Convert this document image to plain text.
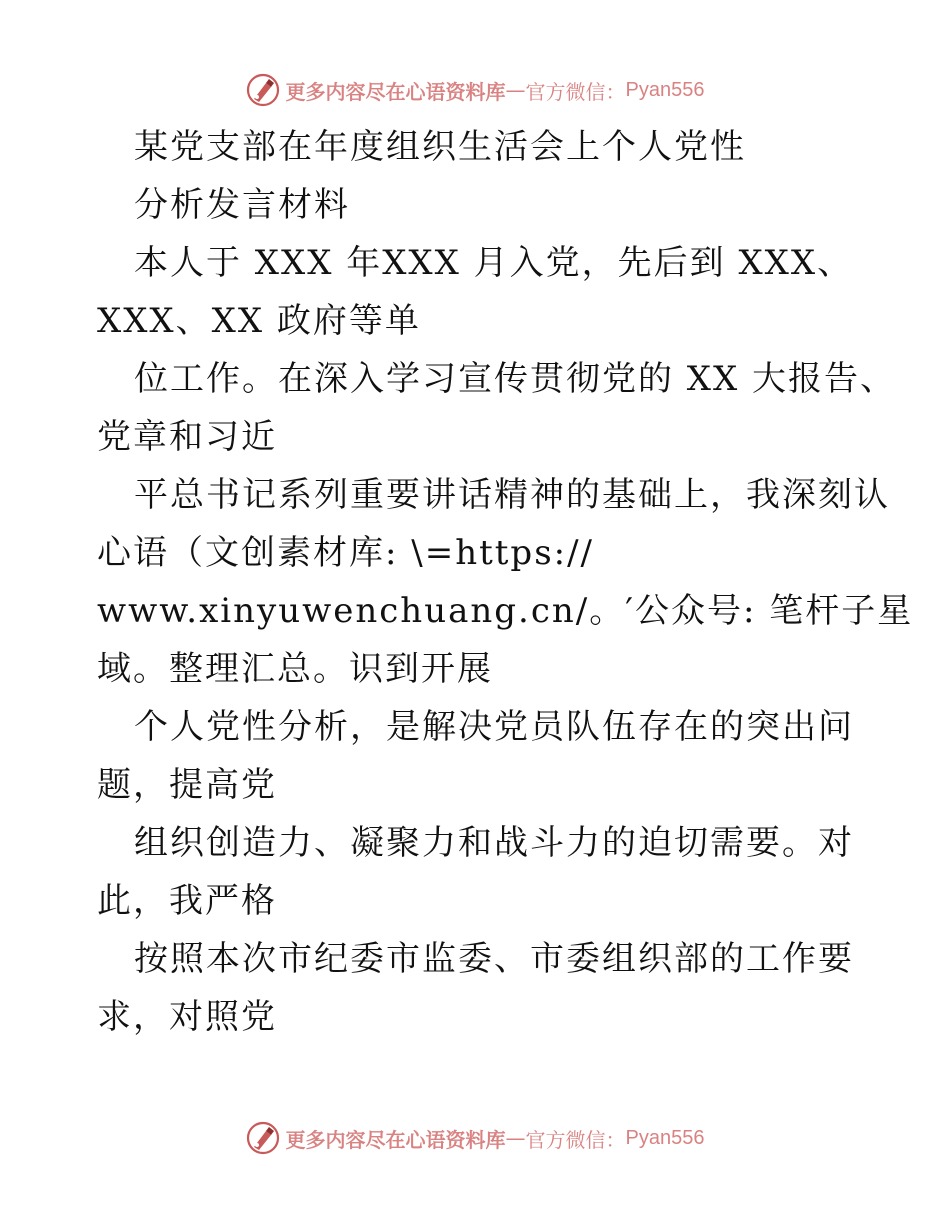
更多内容尽在心语资料库 — 官方微信： Pyan556
某党支部在年度组织生活会上个人党性
分析发言材料
本人于 XXX 年XXX 月入党，先后到 XXX、
XXX、XX 政府等单
位工作。在深入学习宣传贯彻党的 XX 大报告、
党章和习近
平总书记系列重要讲话精神的基础上，我深刻认
心语（文创素材库: \=https://
www.xinyuwenchuang.cn/。′公众号: 笔杆子星
域。整理汇总。识到开展
个人党性分析，是解决党员队伍存在的突出问
题，提高党
组织创造力、凝聚力和战斗力的迫切需要。对
此，我严格
按照本次市纪委市监委、市委组织部的工作要
求，对照党
更多内容尽在心语资料库 — 官方微信： Pyan556
